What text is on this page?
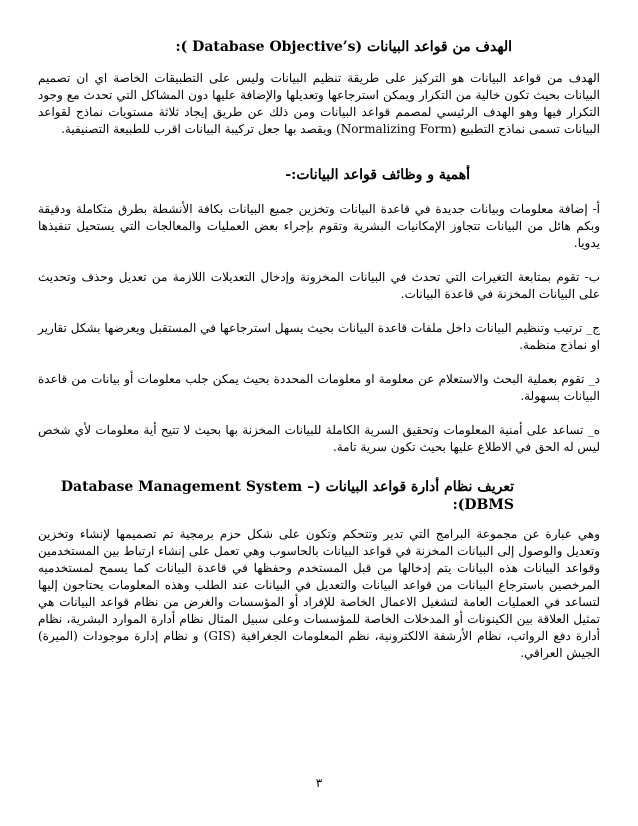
الهدف من قواعد البيانات (Database Objective’s ):

الهدف من قواعد البيانات هو التركيز على طريقة تنظيم البيانات وليس على التطبيقات الخاصة اي ان تصميم البيانات بحيث تكون خالية من التكرار ويمكن استرجاعها وتعديلها والإضافة عليها دون المشاكل التي تحدث مع وجود التكرار فيها وهو الهدف الرئيسي لمصمم قواعد البيانات ومن ذلك عن طريق إيجاد ثلاثة مستويات نماذج لقواعد البيانات تسمى نماذج التطبيع (Normalizing Form) ويقصد بها جعل تركيبة البيانات اقرب للطبيعة التصنيفية.

أهمية و وظائف قواعد البيانات:-

أ- إضافة معلومات وبيانات جديدة في قاعدة البيانات وتخزين جميع البيانات بكافة الأنشطة بطرق متكاملة ودقيقة وبكم هائل من البيانات تتجاوز الإمكانيات البشرية وتقوم بإجراء بعض العمليات والمعالجات التي يستحيل تنفيذها يدويا.

ب- تقوم بمتابعة التغيرات التي تحدث في البيانات المخزونة وإدخال التعديلات اللازمة من تعديل وحذف وتحديث على البيانات المخزنة في قاعدة البيانات.

ج_ ترتيب وتنظيم البيانات داخل ملفات قاعدة البيانات بحيث يسهل استرجاعها في المستقبل ويعرضها بشكل تقارير او نماذج منظمة.

د_ تقوم بعملية البحث والاستعلام عن معلومة او معلومات المحددة بحيث يمكن جلب معلومات أو بيانات من قاعدة البيانات بسهولة.

ه_ تساعد على أمنية المعلومات وتحقيق السرية الكاملة للبيانات المخزنة بها بحيث لا تتيح أية معلومات لأي شخص ليس له الحق في الاطلاع عليها بحيث تكون سرية تامة.

تعريف نظام أدارة قواعد البيانات (Database Management System – DBMS):

وهي عبارة عن مجموعة البرامج التي تدير وتتحكم وتكون على شكل حزم برمجية تم تصميمها لإنشاء وتخزين وتعديل والوصول إلى البيانات المخزنة في قواعد البيانات بالحاسوب وهي تعمل على إنشاء ارتباط بين المستخدمين وقواعد البيانات هذه البيانات يتم إدخالها من قبل المستخدم وحفظها في قاعدة البيانات كما يسمح لمستخدميه المرخصين باسترجاع البيانات من قواعد البيانات والتعديل في البيانات عند الطلب وهذه المعلومات يحتاجون إليها لتساعد في العمليات العامة لتشغيل الاعمال الخاصة للإفراد أو المؤسسات والغرض من نظام قواعد البيانات هي تمثيل العلاقة بين الكينونات أو المدخلات الخاصة للمؤسسات وعلى سبيل المثال نظام أدارة الموارد البشرية، نظام أدارة دفع الرواتب، نظام الأرشفة الالكترونية، نظم المعلومات الجغرافية (GIS) و نظام إدارة موجودات (الميرة) الجيش العراقي.

٣
